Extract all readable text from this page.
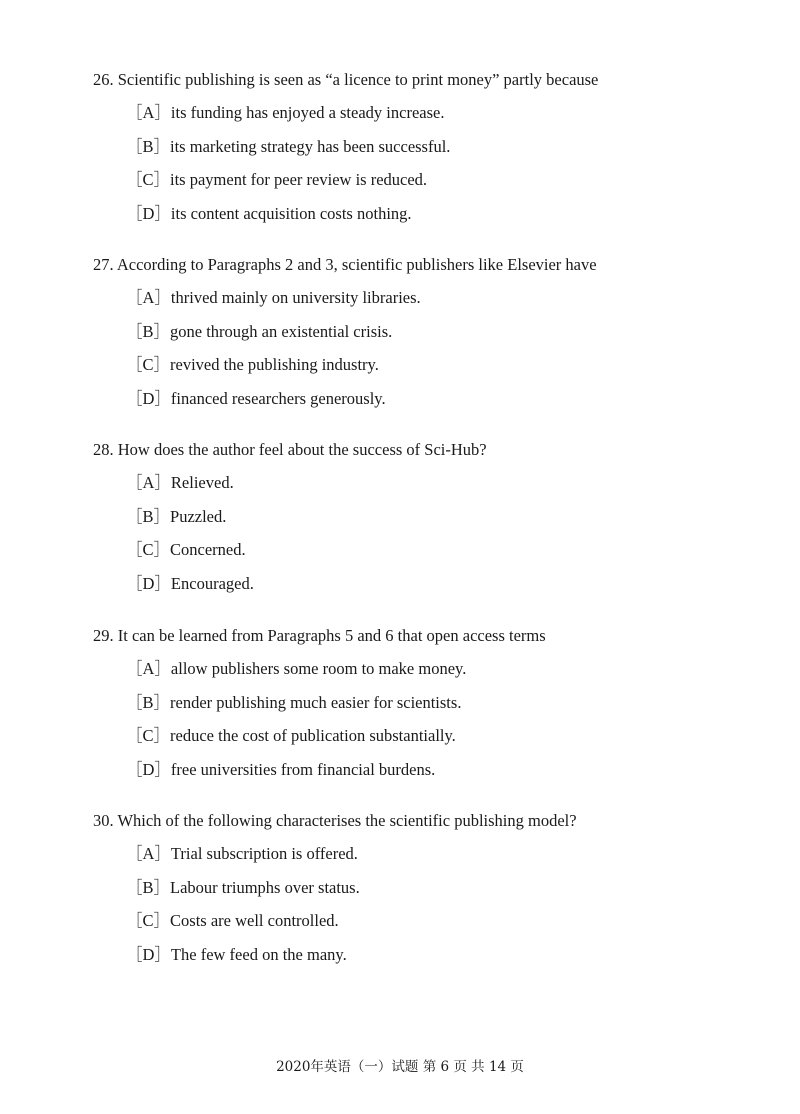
26. Scientific publishing is seen as “a licence to print money” partly because
［A］its funding has enjoyed a steady increase.
［B］its marketing strategy has been successful.
［C］its payment for peer review is reduced.
［D］its content acquisition costs nothing.
27. According to Paragraphs 2 and 3, scientific publishers like Elsevier have
［A］thrived mainly on university libraries.
［B］gone through an existential crisis.
［C］revived the publishing industry.
［D］financed researchers generously.
28. How does the author feel about the success of Sci-Hub?
［A］Relieved.
［B］Puzzled.
［C］Concerned.
［D］Encouraged.
29. It can be learned from Paragraphs 5 and 6 that open access terms
［A］allow publishers some room to make money.
［B］render publishing much easier for scientists.
［C］reduce the cost of publication substantially.
［D］free universities from financial burdens.
30. Which of the following characterises the scientific publishing model?
［A］Trial subscription is offered.
［B］Labour triumphs over status.
［C］Costs are well controlled.
［D］The few feed on the many.
2020年英语（一）试题 第 6 页 共 14 页
